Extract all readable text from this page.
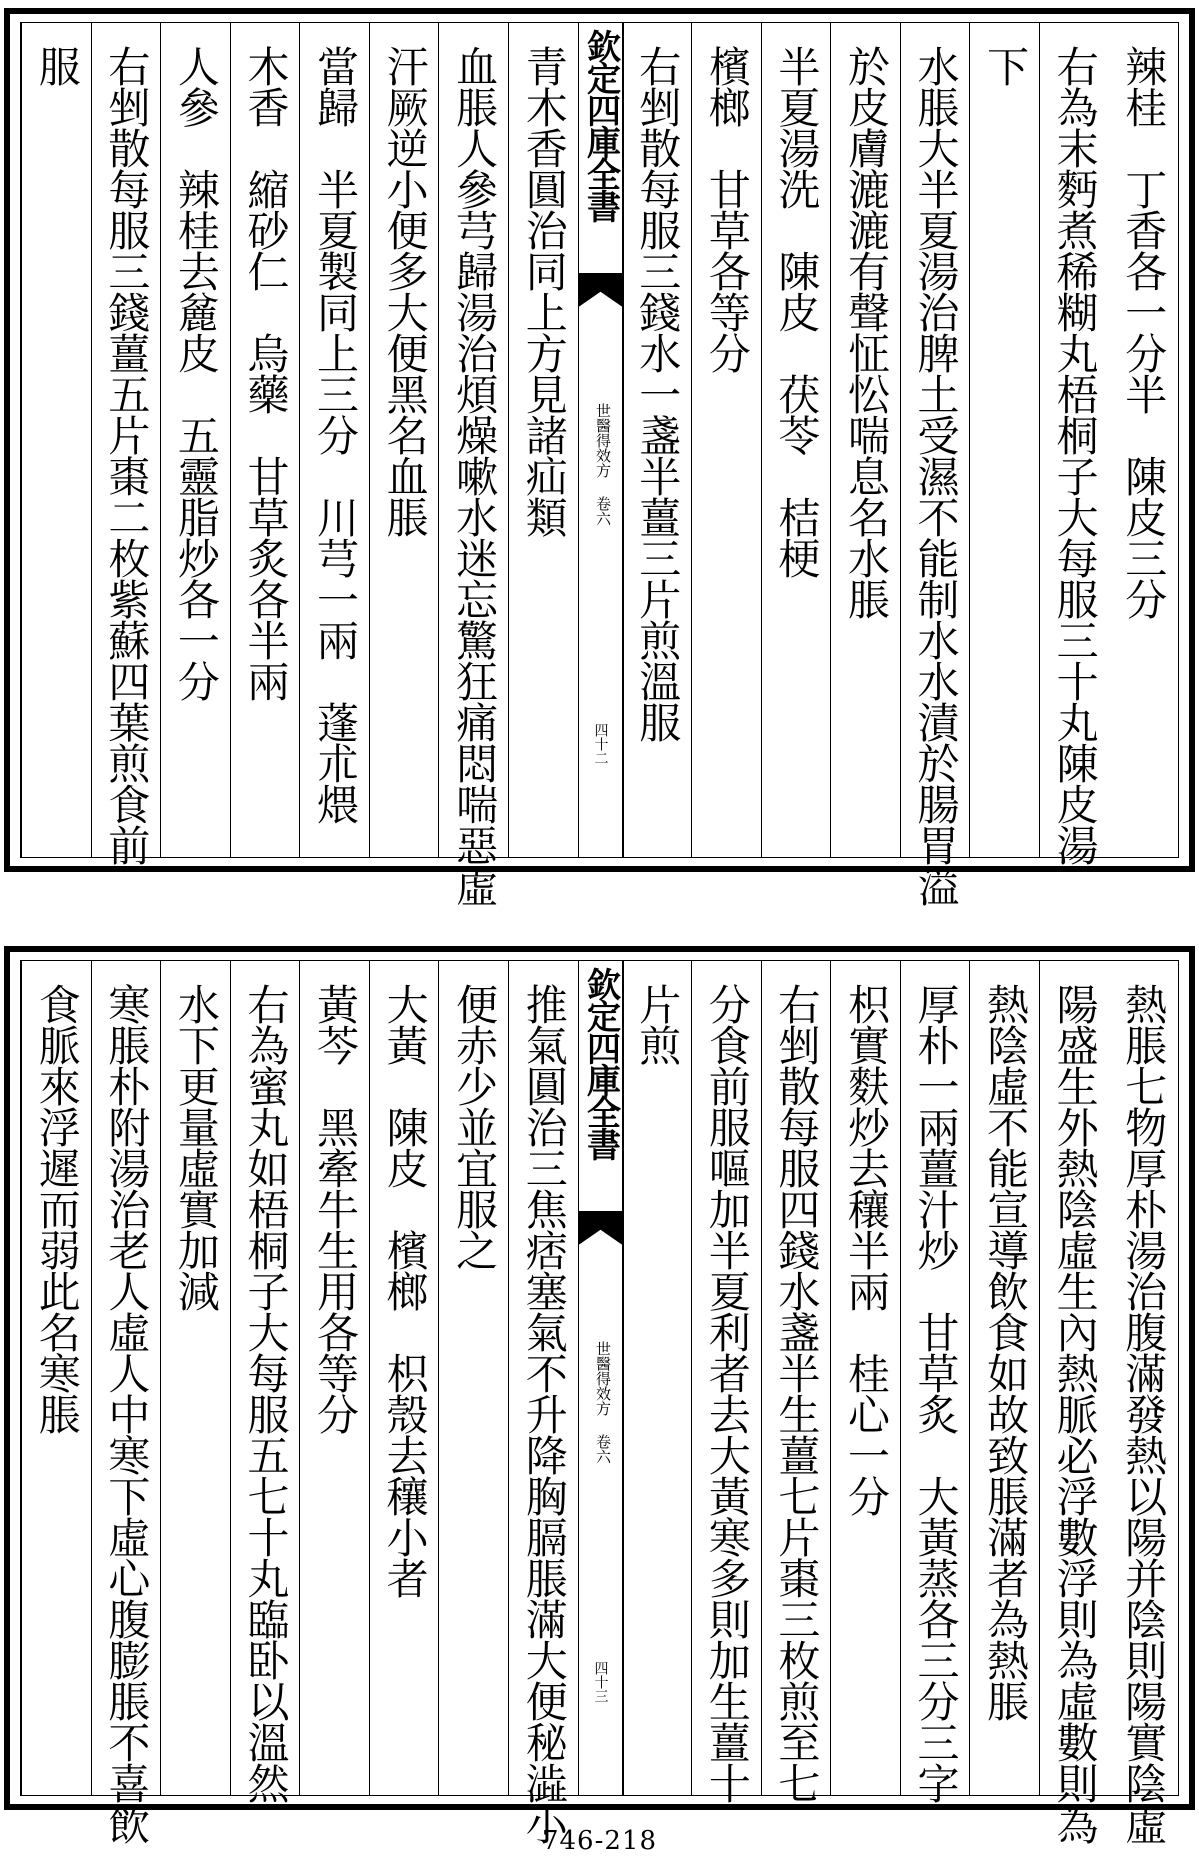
辣桂　丁香各一分半　陳皮三分
右為末麪煮稀糊丸梧桐子大每服三十丸陳皮湯
下
水脹大半夏湯治脾土受濕不能制水水漬於腸胃溢
於皮膚漉漉有聲怔忪喘息名水脹
半夏湯洗　陳皮　茯苓　桔梗
檳榔　甘草各等分
右剉散每服三錢水一盞半薑三片煎溫服
欽定四庫全書
世醫得效方 卷六
四十二
青木香圓治同上方見諸疝類
血脹人參芎歸湯治煩燥嗽水迷忘驚狂痛悶喘惡虛
汗厥逆小便多大便黑名血脹
當歸　半夏製同上三分　川芎一兩　蓬朮煨
木香　縮砂仁　烏藥　甘草炙各半兩
人參　辣桂去麄皮　五靈脂炒各一分
右剉散每服三錢薑五片棗二枚紫蘇四葉煎食前
服
熱脹七物厚朴湯治腹滿發熱以陽并陰則陽實陰虛
陽盛生外熱陰虛生內熱脈必浮數浮則為虛數則為
熱陰虛不能宣導飲食如故致脹滿者為熱脹
厚朴一兩薑汁炒　甘草炙　大黃蒸各三分三字
枳實麩炒去穰半兩　桂心一分
右剉散每服四錢水盞半生薑七片棗三枚煎至七
分食前服嘔加半夏利者去大黃寒多則加生薑十
片煎
欽定四庫全書
世醫得效方 卷六
四十三
推氣圓治三焦痞塞氣不升降胸膈脹滿大便秘澁小
便赤少並宜服之
大黃　陳皮　檳榔　枳殼去穰小者
黃芩　黑牽牛生用各等分
右為蜜丸如梧桐子大每服五七十丸臨卧以溫然
水下更量虛實加減
寒脹朴附湯治老人虛人中寒下虛心腹膨脹不喜飲
食脈來浮遲而弱此名寒脹
746-218
